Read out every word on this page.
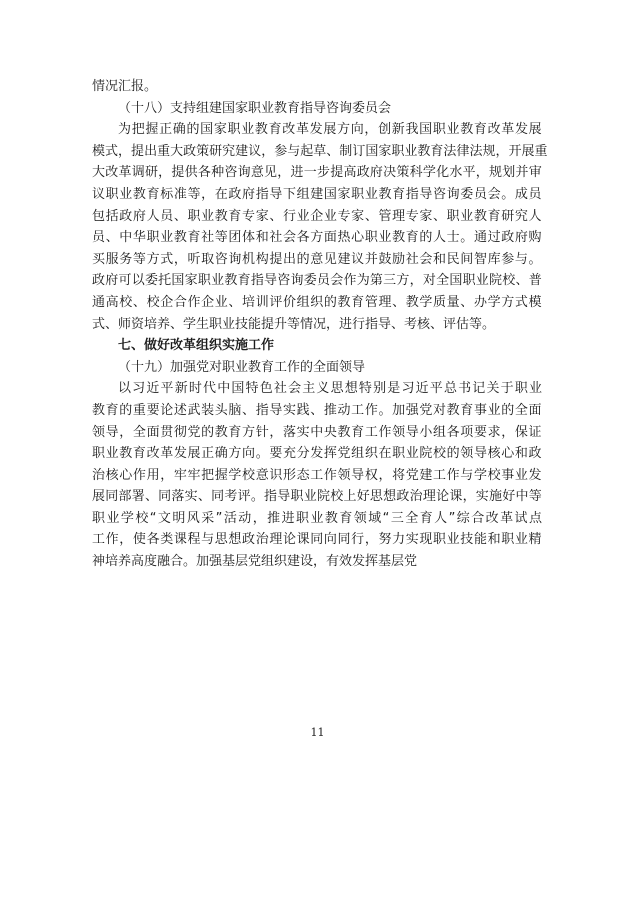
情况汇报。
（十八）支持组建国家职业教育指导咨询委员会
为 把 握 正 确 的 国 家 职 业 教 育 改 革 发 展 方 向 ， 创 新 我 国 职 业 教 育 改 革 发 展
模 式 ， 提 出 重 大 政 策 研 究 建 议 ， 参 与 起 草 、 制 订 国 家 职 业 教 育 法 律 法 规 ， 开 展 重
大 改 革 调 研 ， 提 供 各 种 咨 询 意 见 ， 进 一 步 提 高 政 府 决 策 科 学 化 水 平 ， 规 划 并 审
议 职 业 教 育 标 准 等 ， 在 政 府 指 导 下 组 建 国 家 职 业 教 育 指 导 咨 询 委 员 会 。 成 员
包 括 政 府 人 员 、 职 业 教 育 专 家 、 行 业 企 业 专 家 、 管 理 专 家 、 职 业 教 育 研 究 人
员 、 中 华 职 业 教 育 社 等 团 体 和 社 会 各 方 面 热 心 职 业 教 育 的 人 士 。 通 过 政 府 购
买 服 务 等 方 式 ， 听 取 咨 询 机 构 提 出 的 意 见 建 议 并 鼓 励 社 会 和 民 间 智 库 参 与 。
政 府 可 以 委 托 国 家 职 业 教 育 指 导 咨 询 委 员 会 作 为 第 三 方 ， 对 全 国 职 业 院 校 、 普
通 高 校 、 校 企 合 作 企 业 、 培 训 评 价 组 织 的 教 育 管 理 、 教 学 质 量 、 办 学 方 式 模
式、师资培养、学生职业技能提升等情况，进行指导、考核、评估等。
七、做好改革组织实施工作
（十九）加强党对职业教育工作的全面领导
以 习 近 平 新 时 代 中 国 特 色 社 会 主 义 思 想 特 别 是 习 近 平 总 书 记 关 于 职 业
教 育 的 重 要 论 述 武 装 头 脑 、 指 导 实 践 、 推 动 工 作 。 加 强 党 对 教 育 事 业 的 全 面
领 导 ， 全 面 贯 彻 党 的 教 育 方 针 ， 落 实 中 央 教 育 工 作 领 导 小 组 各 项 要 求 ， 保 证
职 业 教 育 改 革 发 展 正 确 方 向 。 要 充 分 发 挥 党 组 织 在 职 业 院 校 的 领 导 核 心 和 政
治 核 心 作 用 ， 牢 牢 把 握 学 校 意 识 形 态 工 作 领 导 权 ， 将 党 建 工 作 与 学 校 事 业 发
展 同 部 署 、 同 落 实 、 同 考 评 。 指 导 职 业 院 校 上 好 思 想 政 治 理 论 课 ， 实 施 好 中 等
职 业 学 校 “ 文 明 风 采 ” 活 动 ， 推 进 职 业 教 育 领 域 “ 三 全 育 人 ” 综 合 改 革 试 点
工 作 ， 使 各 类 课 程 与 思 想 政 治 理 论 课 同 向 同 行 ， 努 力 实 现 职 业 技 能 和 职 业 精
神培养高度融合。加强基层党组织建设，有效发挥基层党
11
